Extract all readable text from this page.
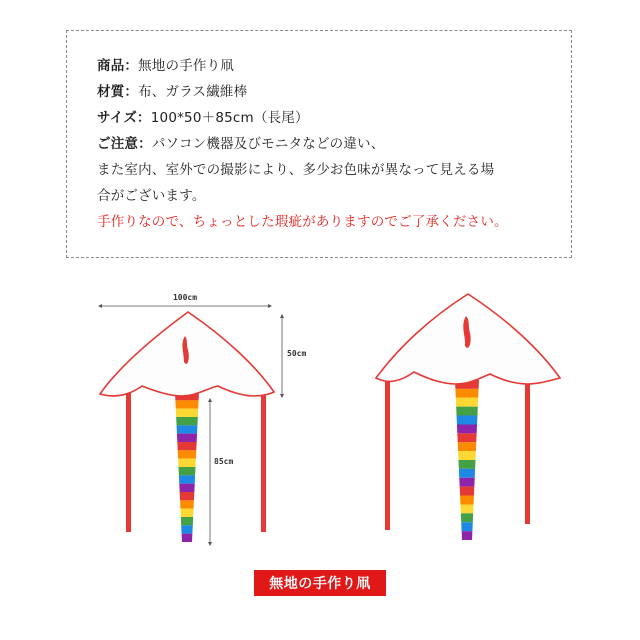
商品：無地の手作り凧
材質：布、ガラス繊維棒
サイズ：100*50＋85cm（長尾）
ご注意：パソコン機器及びモニタなどの違い、
また室内、室外での撮影により、多少お色味が異なって見える場
合がございます。
手作りなので、ちょっとした瑕疵がありますのでご了承ください。
100cm
50cm
85cm
無地の手作り凧
